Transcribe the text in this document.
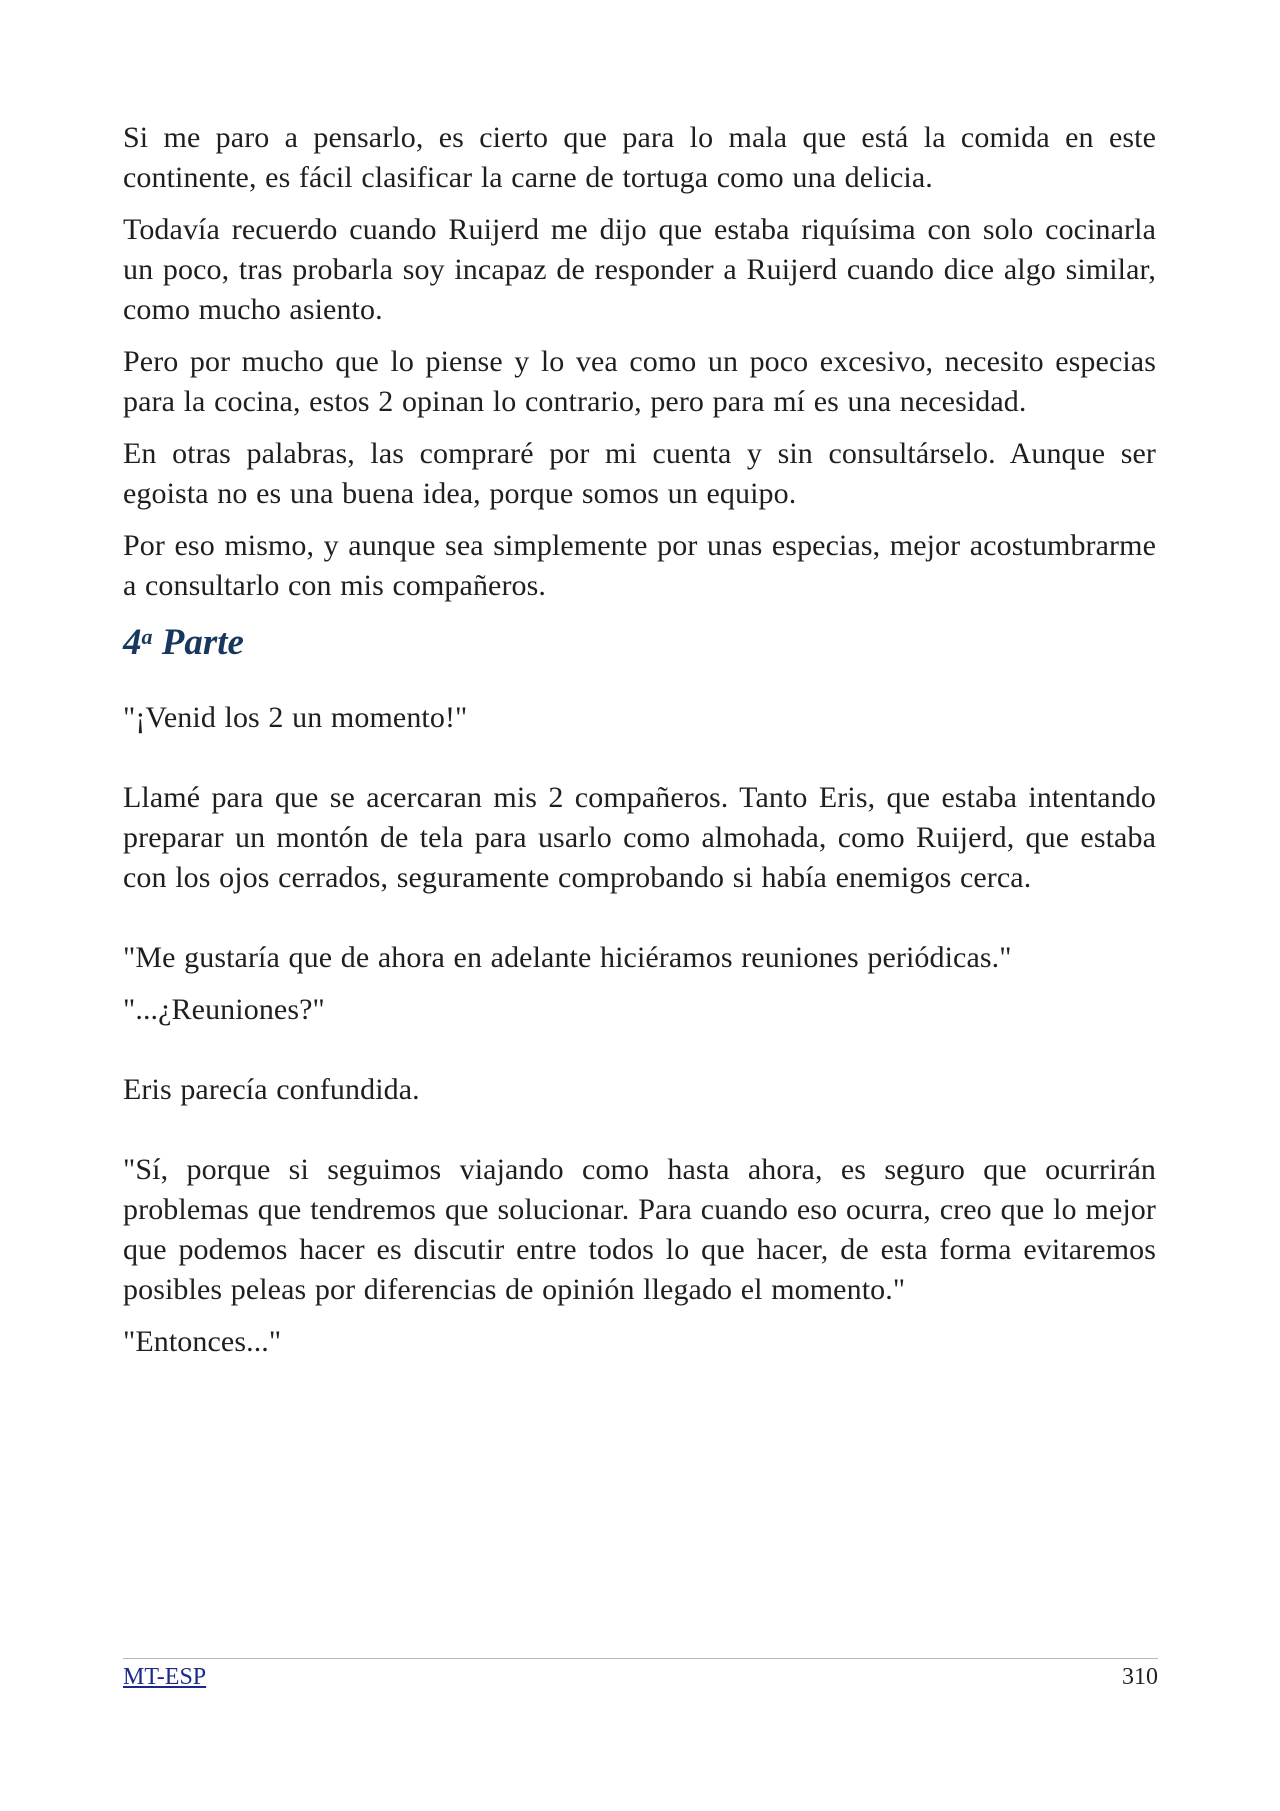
Si me paro a pensarlo, es cierto que para lo mala que está la comida en este continente, es fácil clasificar la carne de tortuga como una delicia.

Todavía recuerdo cuando Ruijerd me dijo que estaba riquísima con solo cocinarla un poco, tras probarla soy incapaz de responder a Ruijerd cuando dice algo similar, como mucho asiento.

Pero por mucho que lo piense y lo vea como un poco excesivo, necesito especias para la cocina, estos 2 opinan lo contrario, pero para mí es una necesidad.

En otras palabras, las compraré por mi cuenta y sin consultárselo. Aunque ser egoista no es una buena idea, porque somos un equipo.

Por eso mismo, y aunque sea simplemente por unas especias, mejor acostumbrarme a consultarlo con mis compañeros.

4$^a$ Parte

"¡Venid los 2 un momento!"

Llamé para que se acercaran mis 2 compañeros. Tanto Eris, que estaba intentando preparar un montón de tela para usarlo como almohada, como Ruijerd, que estaba con los ojos cerrados, seguramente comprobando si había enemigos cerca.

"Me gustaría que de ahora en adelante hiciéramos reuniones periódicas."

"...¿Reuniones?"

Eris parecía confundida.

"Sí, porque si seguimos viajando como hasta ahora, es seguro que ocurrirán problemas que tendremos que solucionar. Para cuando eso ocurra, creo que lo mejor que podemos hacer es discutir entre todos lo que hacer, de esta forma evitaremos posibles peleas por diferencias de opinión llegado el momento."

"Entonces..."

MT-ESP	310
